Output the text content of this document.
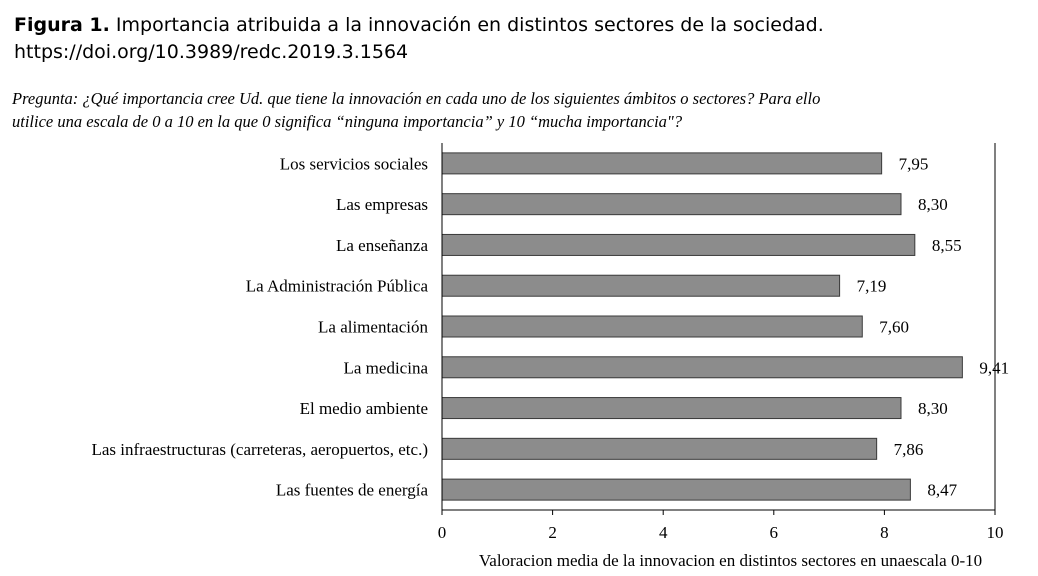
Figura 1. Importancia atribuida a la innovación en distintos sectores de la sociedad.
https://doi.org/10.3989/redc.2019.3.1564
Pregunta: ¿Qué importancia cree Ud. que tiene la innovación en cada uno de los siguientes ámbitos o sectores? Para ello
utilice una escala de 0 a 10 en la que 0 significa “ninguna importancia” y 10 “mucha importancia"?
Los servicios sociales	7,95
Las empresas	8,30
La enseñanza	8,55
La Administración Pública	7,19
La alimentación	7,60
La medicina	9,41
El medio ambiente	8,30
Las infraestructuras (carreteras, aeropuertos, etc.)	7,86
Las fuentes de energía	8,47
0	2	4	6	8	10
Valoracion media de la innovacion en distintos sectores en unaescala 0-10
